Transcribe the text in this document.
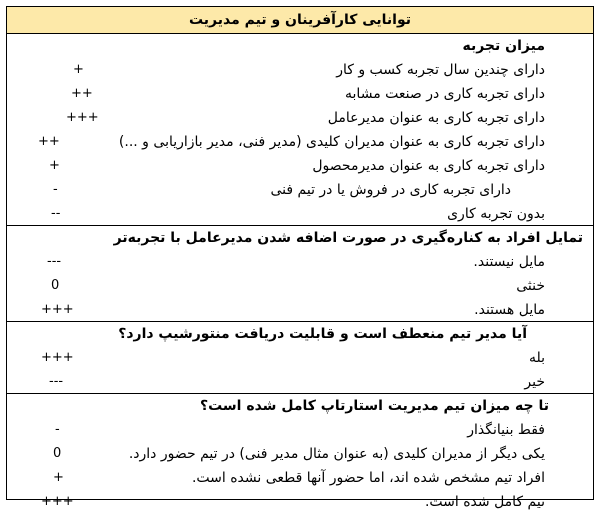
توانایی کارآفرینان و تیم مدیریت
میزان تجربه
دارای چندین سال تجربه کسب و کار
+
دارای تجربه کاری در صنعت مشابه
++
دارای تجربه کاری به عنوان مدیرعامل
+++
دارای تجربه کاری به عنوان مدیران کلیدی (مدیر فنی، مدیر بازاریابی و ...)
++
دارای تجربه کاری به عنوان مدیرمحصول
+
دارای تجربه کاری در فروش یا در تیم فنی
-
بدون تجربه کاری
--
تمایل افراد به کناره‌گیری در صورت اضافه شدن مدیرعامل با تجربه‌تر
مایل نیستند.
---
خنثی
0
مایل هستند.
+++
آیا مدیر تیم منعطف است و قابلیت دریافت منتورشیپ دارد؟
بله
+++
خیر
---
تا چه میزان تیم مدیریت استارتاپ کامل شده است؟
فقط بنیانگذار
-
یکی دیگر از مدیران کلیدی (به عنوان مثال مدیر فنی) در تیم حضور دارد.
0
افراد تیم مشخص شده اند، اما حضور آنها قطعی نشده است.
+
تیم کامل شده است.
+++
